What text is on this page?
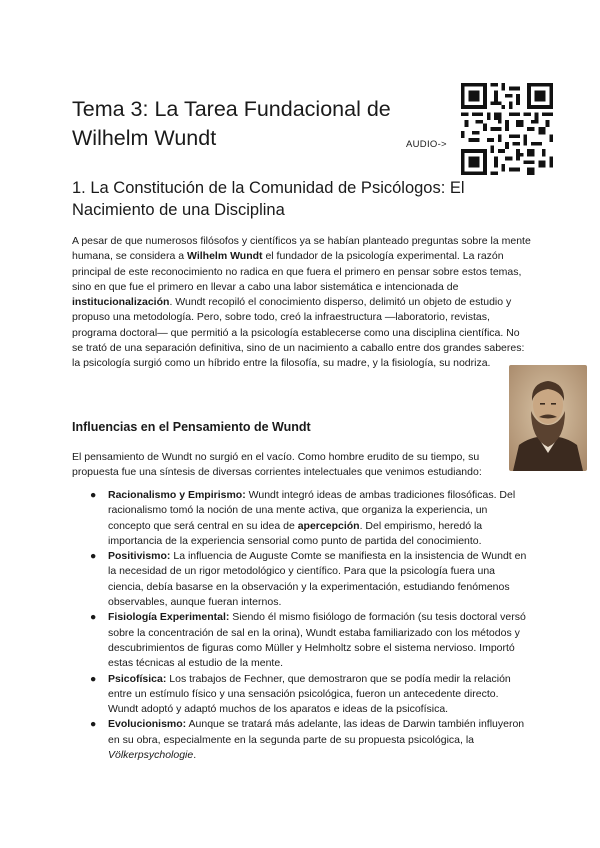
Tema 3: La Tarea Fundacional de
Wilhelm Wundt	AUDIO->
1. La Constitución de la Comunidad de Psicólogos: El Nacimiento de una Disciplina

A pesar de que numerosos filósofos y científicos ya se habían planteado preguntas sobre la mente humana, se considera a Wilhelm Wundt el fundador de la psicología experimental. La razón principal de este reconocimiento no radica en que fuera el primero en pensar sobre estos temas, sino en que fue el primero en llevar a cabo una labor sistemática e intencionada de institucionalización. Wundt recopiló el conocimiento disperso, delimitó un objeto de estudio y propuso una metodología. Pero, sobre todo, creó la infraestructura —laboratorio, revistas, programa doctoral— que permitió a la psicología establecerse como una disciplina científica. No se trató de una separación definitiva, sino de un nacimiento a caballo entre dos grandes saberes: la psicología surgió como un híbrido entre la filosofía, su madre, y la fisiología, su nodriza.

Influencias en el Pensamiento de Wundt

El pensamiento de Wundt no surgió en el vacío. Como hombre erudito de su tiempo, su propuesta fue una síntesis de diversas corrientes intelectuales que venimos estudiando:

● Racionalismo y Empirismo: Wundt integró ideas de ambas tradiciones filosóficas. Del racionalismo tomó la noción de una mente activa, que organiza la experiencia, un concepto que será central en su idea de apercepción. Del empirismo, heredó la importancia de la experiencia sensorial como punto de partida del conocimiento.
● Positivismo: La influencia de Auguste Comte se manifiesta en la insistencia de Wundt en la necesidad de un rigor metodológico y científico. Para que la psicología fuera una ciencia, debía basarse en la observación y la experimentación, estudiando fenómenos observables, aunque fueran internos.
● Fisiología Experimental: Siendo él mismo fisiólogo de formación (su tesis doctoral versó sobre la concentración de sal en la orina), Wundt estaba familiarizado con los métodos y descubrimientos de figuras como Müller y Helmholtz sobre el sistema nervioso. Importó estas técnicas al estudio de la mente.
● Psicofísica: Los trabajos de Fechner, que demostraron que se podía medir la relación entre un estímulo físico y una sensación psicológica, fueron un antecedente directo. Wundt adoptó y adaptó muchos de los aparatos e ideas de la psicofísica.
● Evolucionismo: Aunque se tratará más adelante, las ideas de Darwin también influyeron en su obra, especialmente en la segunda parte de su propuesta psicológica, la Völkerpsychologie.
